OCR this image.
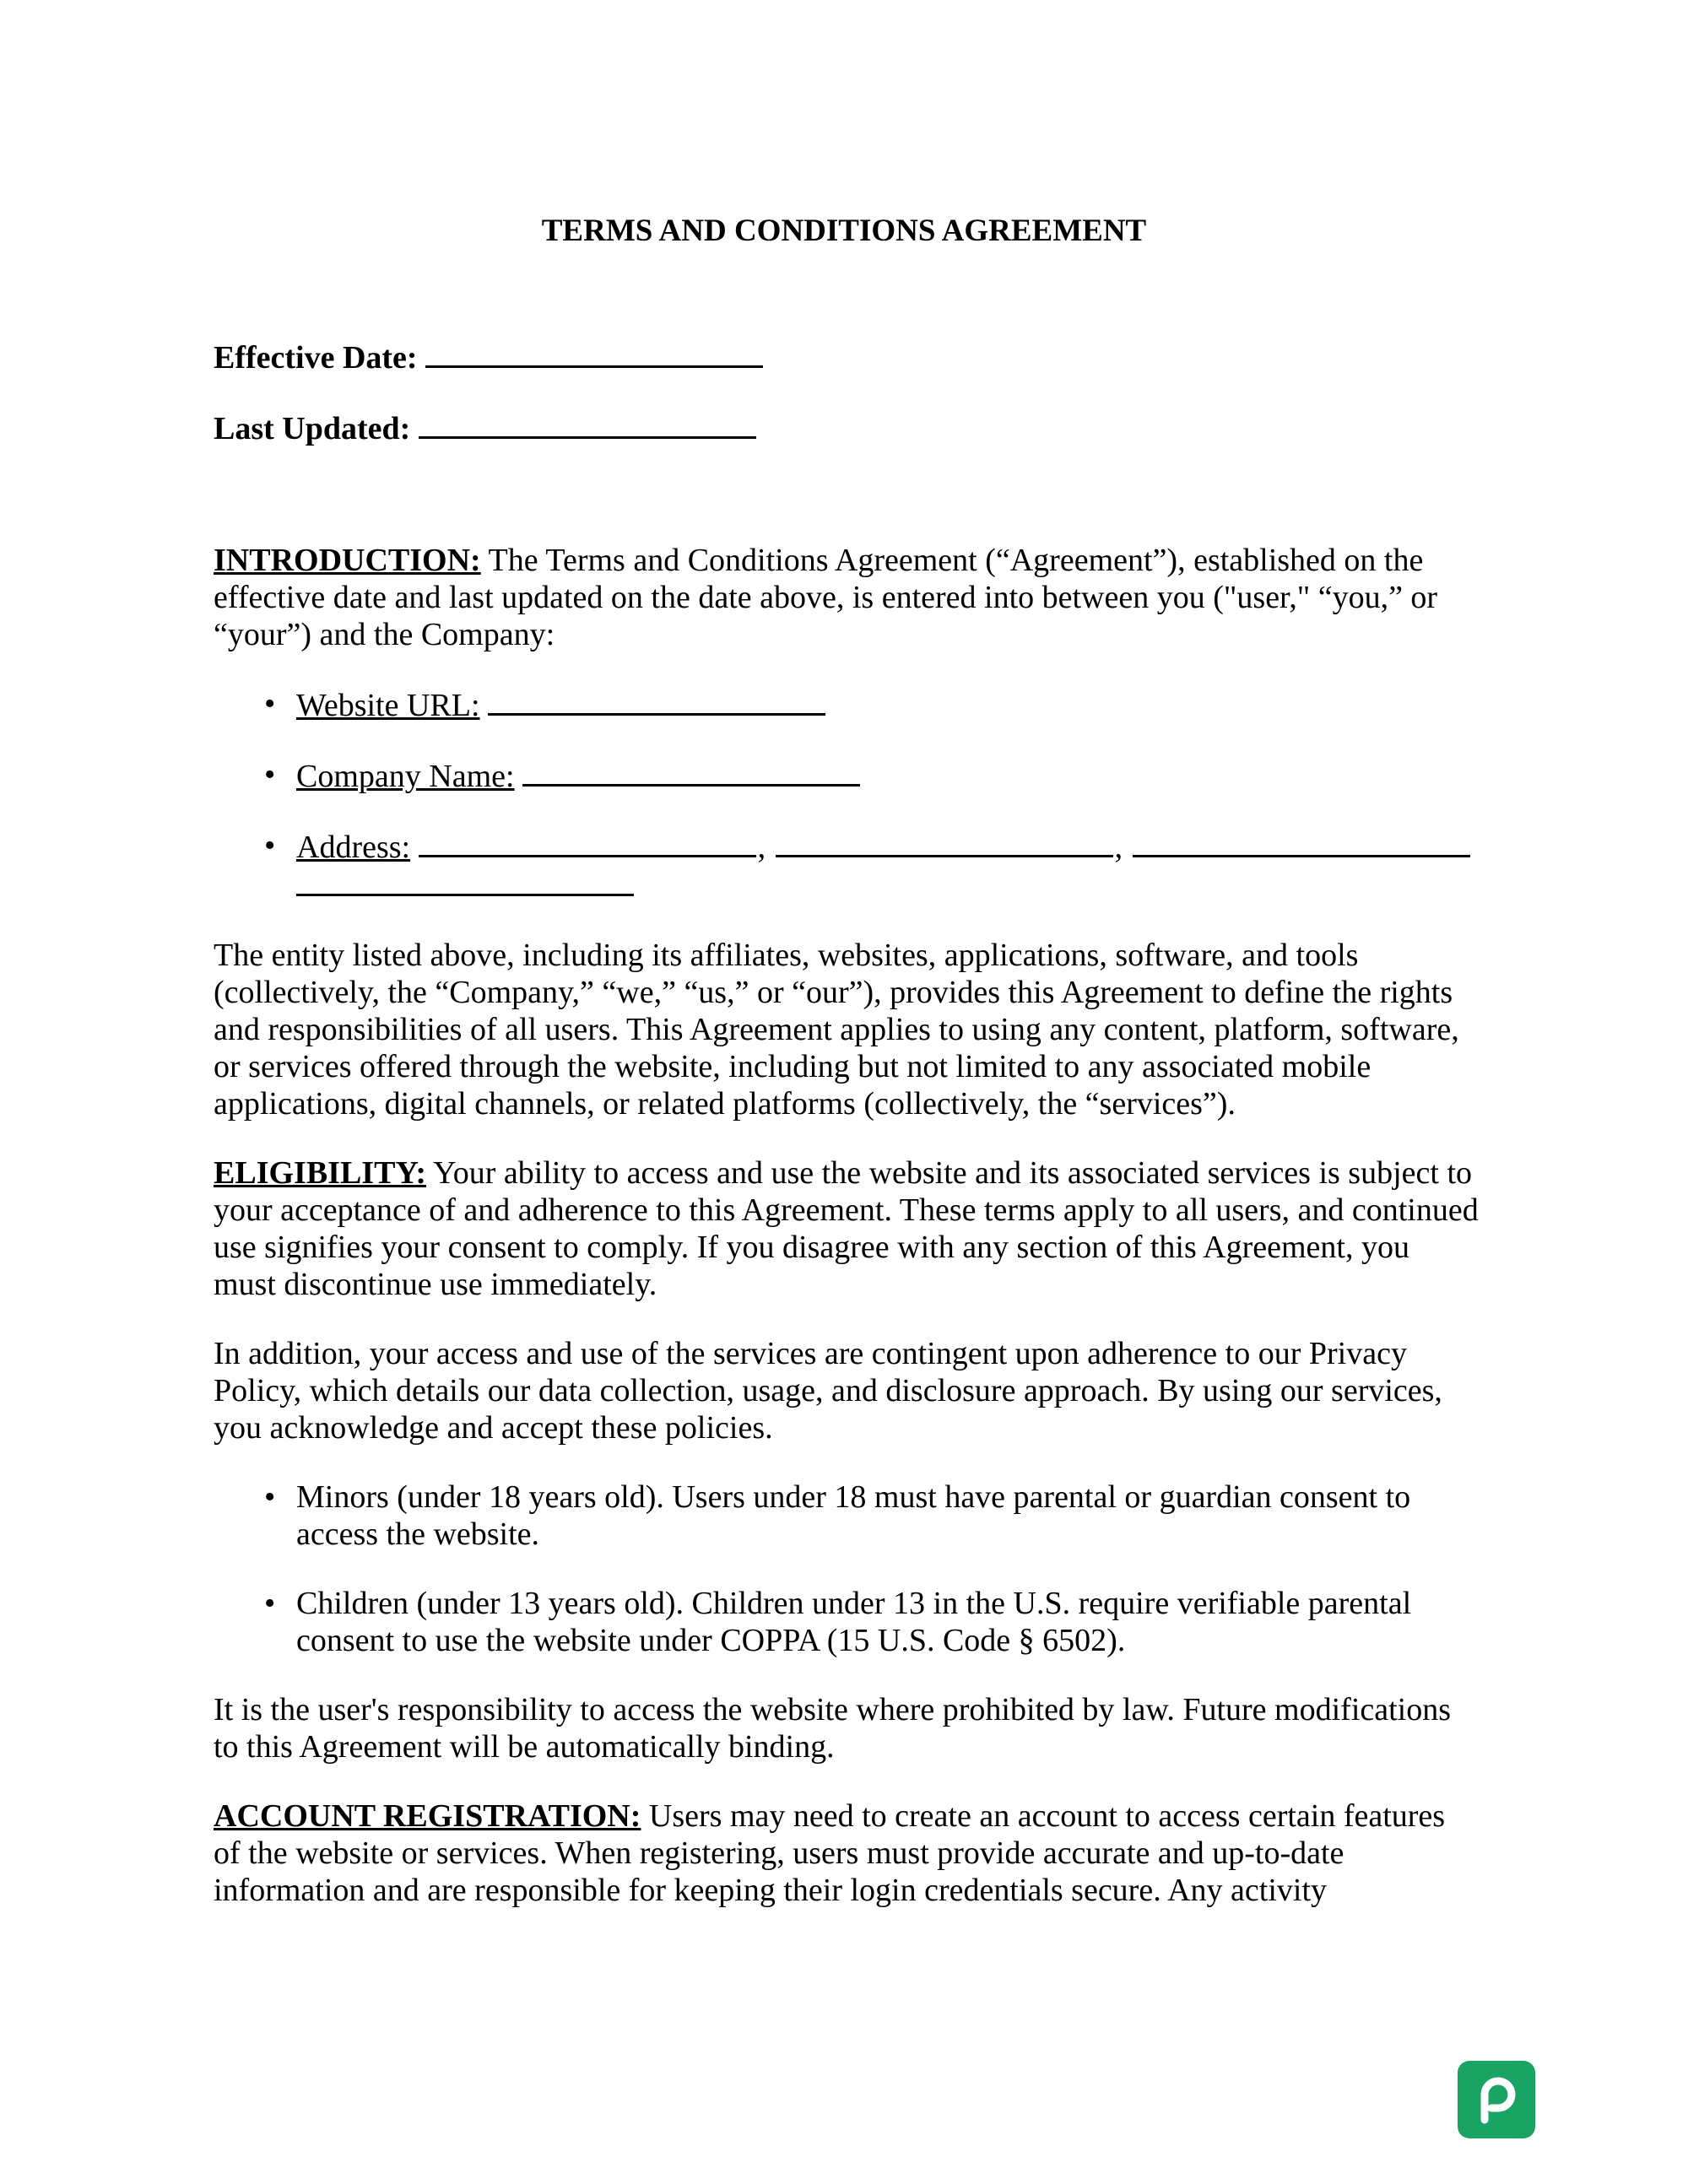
TERMS AND CONDITIONS AGREEMENT
Effective Date:
Last Updated:

INTRODUCTION: The Terms and Conditions Agreement (“Agreement”), established on the effective date and last updated on the date above, is entered into between you ("user," “you,” or “your”) and the Company:

• Website URL:
• Company Name:
• Address:	,	,

The entity listed above, including its affiliates, websites, applications, software, and tools (collectively, the “Company,” “we,” “us,” or “our”), provides this Agreement to define the rights and responsibilities of all users. This Agreement applies to using any content, platform, software, or services offered through the website, including but not limited to any associated mobile applications, digital channels, or related platforms (collectively, the “services”).

ELIGIBILITY: Your ability to access and use the website and its associated services is subject to your acceptance of and adherence to this Agreement. These terms apply to all users, and continued use signifies your consent to comply. If you disagree with any section of this Agreement, you must discontinue use immediately.

In addition, your access and use of the services are contingent upon adherence to our Privacy Policy, which details our data collection, usage, and disclosure approach. By using our services, you acknowledge and accept these policies.

• Minors (under 18 years old). Users under 18 must have parental or guardian consent to access the website.
• Children (under 13 years old). Children under 13 in the U.S. require verifiable parental consent to use the website under COPPA (15 U.S. Code § 6502).

It is the user's responsibility to access the website where prohibited by law. Future modifications to this Agreement will be automatically binding.

ACCOUNT REGISTRATION: Users may need to create an account to access certain features of the website or services. When registering, users must provide accurate and up-to-date information and are responsible for keeping their login credentials secure. Any activity
